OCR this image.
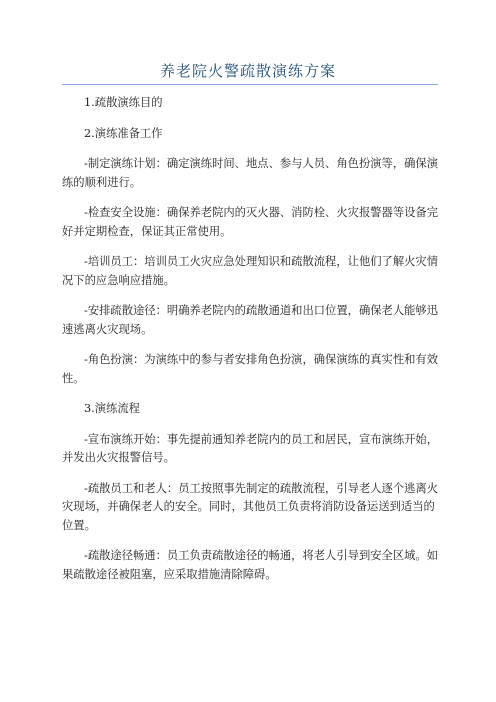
养老院火警疏散演练方案

1.疏散演练目的

2.演练准备工作

-制定演练计划：确定演练时间、地点、参与人员、角色扮演等，确保演练的顺利进行。

-检查安全设施：确保养老院内的灭火器、消防栓、火灾报警器等设备完好并定期检查，保证其正常使用。

-培训员工：培训员工火灾应急处理知识和疏散流程，让他们了解火灾情况下的应急响应措施。

-安排疏散途径：明确养老院内的疏散通道和出口位置，确保老人能够迅速逃离火灾现场。

-角色扮演：为演练中的参与者安排角色扮演，确保演练的真实性和有效性。

3.演练流程

-宣布演练开始：事先提前通知养老院内的员工和居民，宣布演练开始，并发出火灾报警信号。

-疏散员工和老人：员工按照事先制定的疏散流程，引导老人逐个逃离火灾现场，并确保老人的安全。同时，其他员工负责将消防设备运送到适当的位置。

-疏散途径畅通：员工负责疏散途径的畅通，将老人引导到安全区域。如果疏散途径被阻塞，应采取措施清除障碍。
